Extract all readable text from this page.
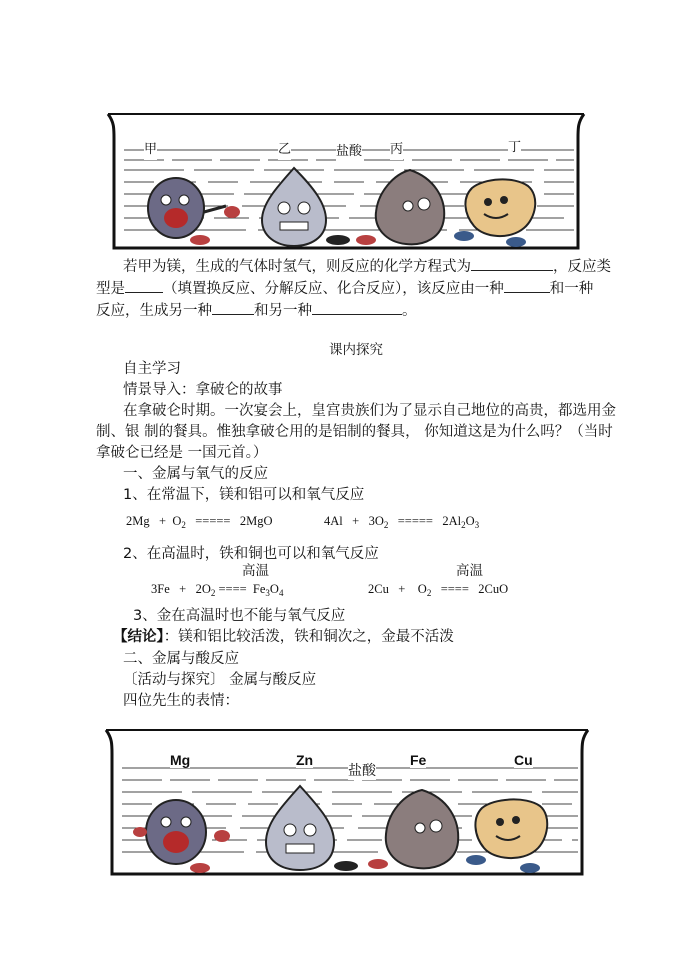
甲	乙	盐酸 丙	丁
若甲为镁，生成的气体时氢气，则反应的化学方程式为	，反应类
型是	（填置换反应、分解反应、化合反应），该反应由一种	和一种
反应，生成另一种	和另一种	。
课内探究
自主学习
情景导入：拿破仑的故事
在拿破仑时期。一次宴会上，皇宫贵族们为了显示自己地位的高贵，都选用金
制、银 制的餐具。惟独拿破仑用的是铝制的餐具， 你知道这是为什么吗？（当时
拿破仑已经是 一国元首。）
一、金属与氧气的反应
1、在常温下，镁和铝可以和氧气反应
$2Mg + O_2$ ===== 2MgO	$4Al + 3O_2$ ===== $2Al_2O_3$
2、在高温时，铁和铜也可以和氧气反应
高温	高温
$3Fe + 2O_2$ ==== $Fe_3O_4$	$2Cu + O_2$ ==== 2CuO
3、金在高温时也不能与氧气反应
【结论】：镁和铝比较活泼，铁和铜次之，金最不活泼
二、金属与酸反应
〔活动与探究〕 金属与酸反应
四位先生的表情：
Mg	Zn
盐酸
Fe	Cu
